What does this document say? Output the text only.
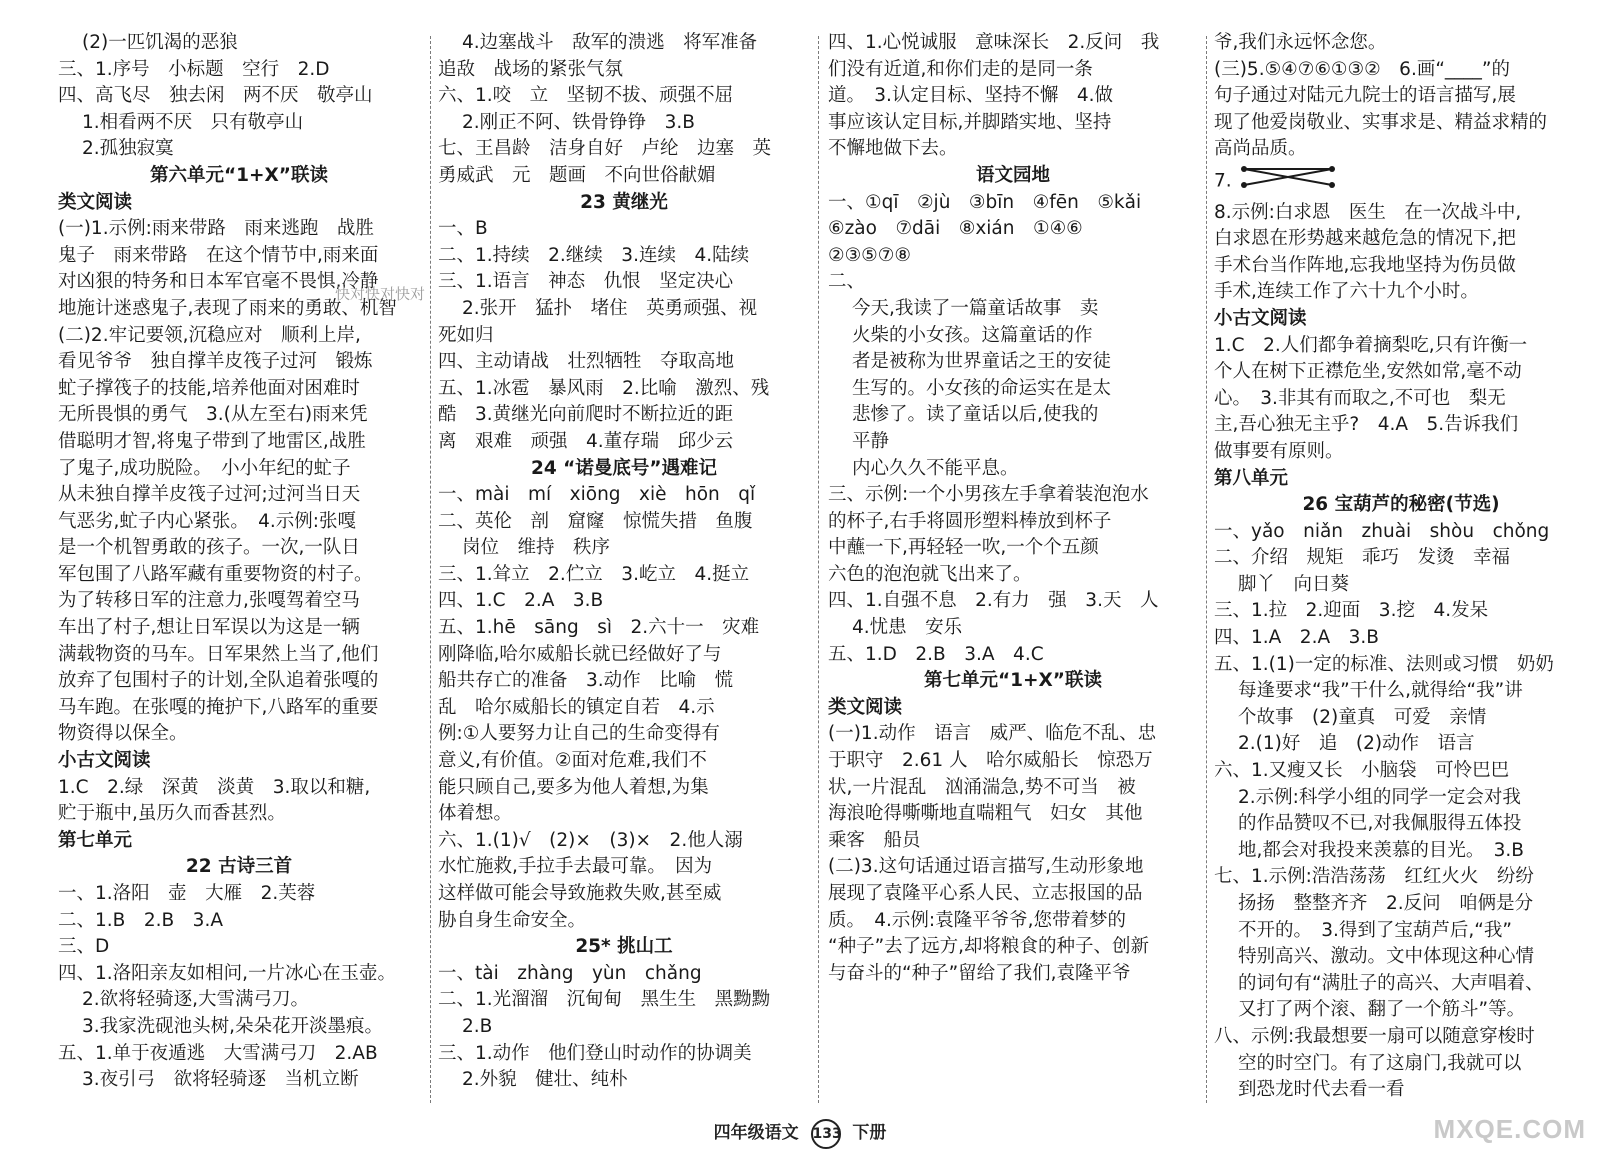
(2)一匹饥渴的恶狼
三、1.序号　小标题　空行　2.D
四、高飞尽　独去闲　两不厌　敬亭山
1.相看两不厌　只有敬亭山
2.孤独寂寞
第六单元“1+X”联读
类文阅读
(一)1.示例:雨来带路　雨来逃跑　战胜
鬼子　雨来带路　在这个情节中,雨来面
对凶狠的特务和日本军官毫不畏惧,冷静
地施计迷惑鬼子,表现了雨来的勇敢、机智
(二)2.牢记要领,沉稳应对　顺利上岸,
看见爷爷　独自撑羊皮筏子过河　锻炼
虻子撑筏子的技能,培养他面对困难时
无所畏惧的勇气　3.(从左至右)雨来凭
借聪明才智,将鬼子带到了地雷区,战胜
了鬼子,成功脱险。　小小年纪的虻子
从未独自撑羊皮筏子过河;过河当日天
气恶劣,虻子内心紧张。　4.示例:张嘎
是一个机智勇敢的孩子。一次,一队日
军包围了八路军藏有重要物资的村子。
为了转移日军的注意力,张嘎驾着空马
车出了村子,想让日军误以为这是一辆
满载物资的马车。日军果然上当了,他们
放弃了包围村子的计划,全队追着张嘎的
马车跑。在张嘎的掩护下,八路军的重要
物资得以保全。
小古文阅读
1.C　2.绿　深黄　淡黄　3.取以和糖,
贮于瓶中,虽历久而香甚烈。
第七单元
22 古诗三首
一、1.洛阳　壶　大雁　2.芙蓉
二、1.B　2.B　3.A
三、D
四、1.洛阳亲友如相问,一片冰心在玉壶。
2.欲将轻骑逐,大雪满弓刀。
3.我家洗砚池头树,朵朵花开淡墨痕。
五、1.单于夜遁逃　大雪满弓刀　2.AB
3.夜引弓　欲将轻骑逐　当机立断
4.边塞战斗　敌军的溃逃　将军准备
追敌　战场的紧张气氛
六、1.咬　立　坚韧不拔、顽强不屈
2.刚正不阿、铁骨铮铮　3.B
七、王昌龄　洁身自好　卢纶　边塞　英
勇威武　元　题画　不向世俗献媚
23 黄继光
一、B
二、1.持续　2.继续　3.连续　4.陆续
三、1.语言　神态　仇恨　坚定决心
2.张开　猛扑　堵住　英勇顽强、视
死如归
四、主动请战　壮烈牺牲　夺取高地
五、1.冰雹　暴风雨　2.比喻　激烈、残
酷　3.黄继光向前爬时不断拉近的距
离　艰难　顽强　4.董存瑞　邱少云
24 “诺曼底号”遇难记
一、mài　mí　xiōng　xiè　hōn　qǐ
二、英伦　剖　窟窿　惊慌失措　鱼腹
岗位　维持　秩序
三、1.耸立　2.伫立　3.屹立　4.挺立
四、1.C　2.A　3.B
五、1.hē　sāng　sì　2.六十一　灾难
刚降临,哈尔威船长就已经做好了与
船共存亡的准备　3.动作　比喻　慌
乱　哈尔威船长的镇定自若　4.示
例:①人要努力让自己的生命变得有
意义,有价值。②面对危难,我们不
能只顾自己,要多为他人着想,为集
体着想。
六、1.(1)√　(2)×　(3)×　2.他人溺
水忙施救,手拉手去最可靠。　因为
这样做可能会导致施救失败,甚至威
胁自身生命安全。
25* 挑山工
一、tài　zhàng　yùn　chǎng
二、1.光溜溜　沉甸甸　黑生生　黑黝黝
2.B
三、1.动作　他们登山时动作的协调美
2.外貌　健壮、纯朴
四、1.心悦诚服　意味深长　2.反问　我
们没有近道,和你们走的是同一条
道。　3.认定目标、坚持不懈　4.做
事应该认定目标,并脚踏实地、坚持
不懈地做下去。
语文园地
一、①qī　②jù　③bīn　④fēn　⑤kǎi
⑥zào　⑦dāi　⑧xián　①④⑥
②③⑤⑦⑧
二、
今天,我读了一篇童话故事　卖
火柴的小女孩。这篇童话的作
者是被称为世界童话之王的安徒
生写的。小女孩的命运实在是太
悲惨了。读了童话以后,使我的
平静
内心久久不能平息。
三、示例:一个小男孩左手拿着装泡泡水
的杯子,右手将圆形塑料棒放到杯子
中蘸一下,再轻轻一吹,一个个五颜
六色的泡泡就飞出来了。
四、1.自强不息　2.有力　强　3.天　人
4.忧患　安乐
五、1.D　2.B　3.A　4.C
第七单元“1+X”联读
类文阅读
(一)1.动作　语言　威严、临危不乱、忠
于职守　2.61 人　哈尔威船长　惊恐万
状,一片混乱　汹涌湍急,势不可当　被
海浪呛得嘶嘶地直喘粗气　妇女　其他
乘客　船员
(二)3.这句话通过语言描写,生动形象地
展现了袁隆平心系人民、立志报国的品
质。　4.示例:袁隆平爷爷,您带着梦的
“种子”去了远方,却将粮食的种子、创新
与奋斗的“种子”留给了我们,袁隆平爷
爷,我们永远怀念您。
(三)5.⑤④⑦⑥①③②　6.画“____”的
句子通过对陆元九院士的语言描写,展
现了他爱岗敬业、实事求是、精益求精的
高尚品质。
7.
8.示例:白求恩　医生　在一次战斗中,
白求恩在形势越来越危急的情况下,把
手术台当作阵地,忘我地坚持为伤员做
手术,连续工作了六十九个小时。
小古文阅读
1.C　2.人们都争着摘梨吃,只有许衡一
个人在树下正襟危坐,安然如常,毫不动
心。　3.非其有而取之,不可也　梨无
主,吾心独无主乎?　4.A　5.告诉我们
做事要有原则。
第八单元
26 宝葫芦的秘密(节选)
一、yǎo　niǎn　zhuài　shòu　chǒng
二、介绍　规矩　乖巧　发烫　幸福
脚丫　向日葵
三、1.拉　2.迎面　3.挖　4.发呆
四、1.A　2.A　3.B
五、1.(1)一定的标准、法则或习惯　奶奶
每逢要求“我”干什么,就得给“我”讲
个故事　(2)童真　可爱　亲情
2.(1)好　追　(2)动作　语言
六、1.又瘦又长　小脑袋　可怜巴巴
2.示例:科学小组的同学一定会对我
的作品赞叹不已,对我佩服得五体投
地,都会对我投来羡慕的目光。　3.B
七、1.示例:浩浩荡荡　红红火火　纷纷
扬扬　整整齐齐　2.反问　咱俩是分
不开的。　3.得到了宝葫芦后,“我”
特别高兴、激动。文中体现这种心情
的词句有“满肚子的高兴、大声唱着、
又打了两个滚、翻了一个筋斗”等。
八、示例:我最想要一扇可以随意穿梭时
空的时空门。有了这扇门,我就可以
到恐龙时代去看一看
快对快对快对
四年级语文 133 下册	MXQE.COM
